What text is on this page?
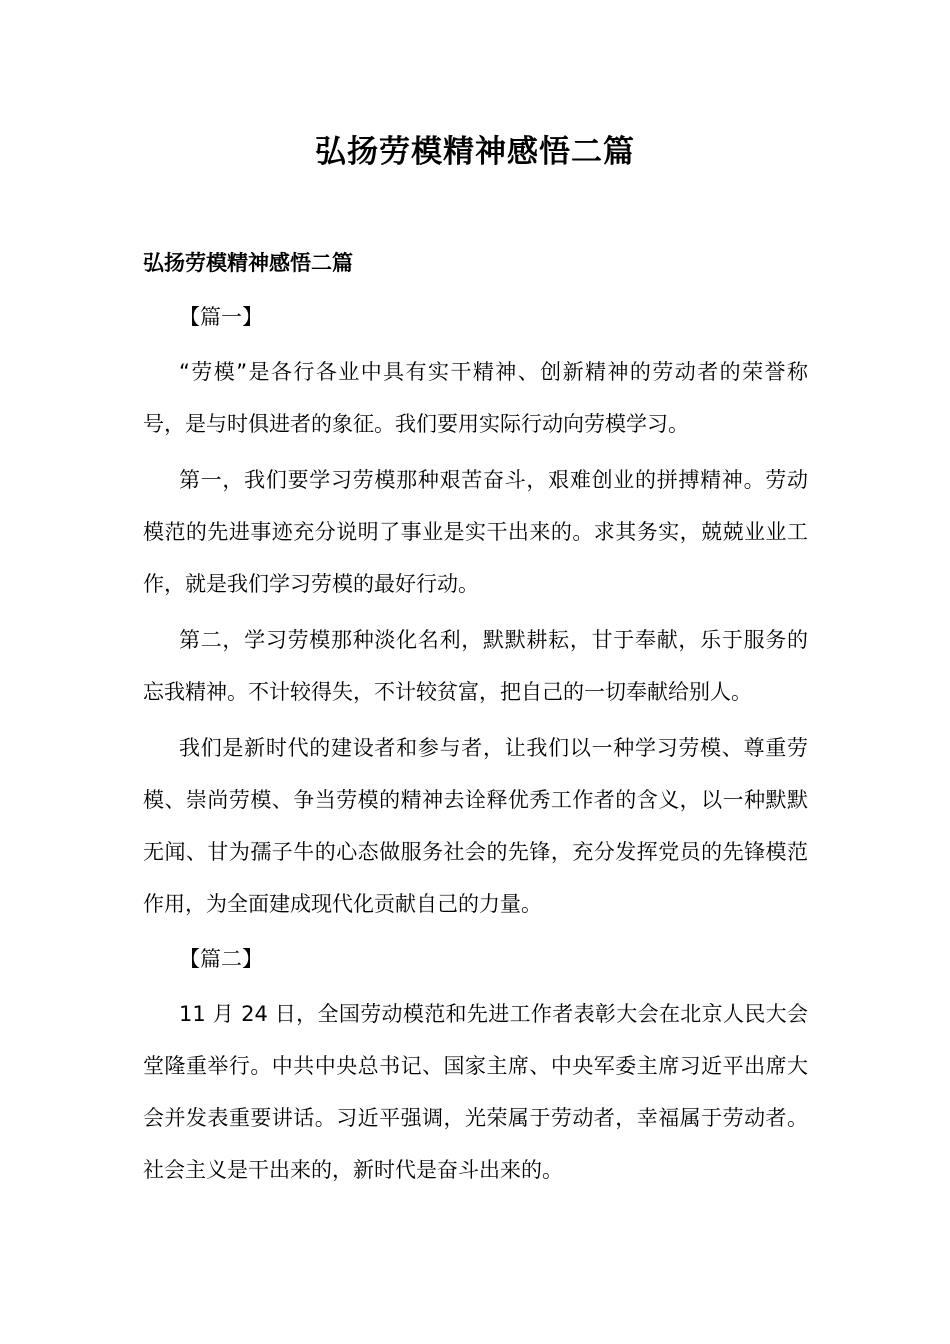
弘扬劳模精神感悟二篇

弘扬劳模精神感悟二篇

【篇一】

“劳模”是各行各业中具有实干精神、创新精神的劳动者的荣誉称号，是与时俱进者的象征。我们要用实际行动向劳模学习。

第一，我们要学习劳模那种艰苦奋斗，艰难创业的拼搏精神。劳动模范的先进事迹充分说明了事业是实干出来的。求其务实，兢兢业业工作，就是我们学习劳模的最好行动。

第二，学习劳模那种淡化名利，默默耕耘，甘于奉献，乐于服务的忘我精神。不计较得失，不计较贫富，把自己的一切奉献给别人。

我们是新时代的建设者和参与者，让我们以一种学习劳模、尊重劳模、崇尚劳模、争当劳模的精神去诠释优秀工作者的含义，以一种默默无闻、甘为孺子牛的心态做服务社会的先锋，充分发挥党员的先锋模范作用，为全面建成现代化贡献自己的力量。

【篇二】

11 月 24 日，全国劳动模范和先进工作者表彰大会在北京人民大会堂隆重举行。中共中央总书记、国家主席、中央军委主席习近平出席大会并发表重要讲话。习近平强调，光荣属于劳动者，幸福属于劳动者。社会主义是干出来的，新时代是奋斗出来的。
